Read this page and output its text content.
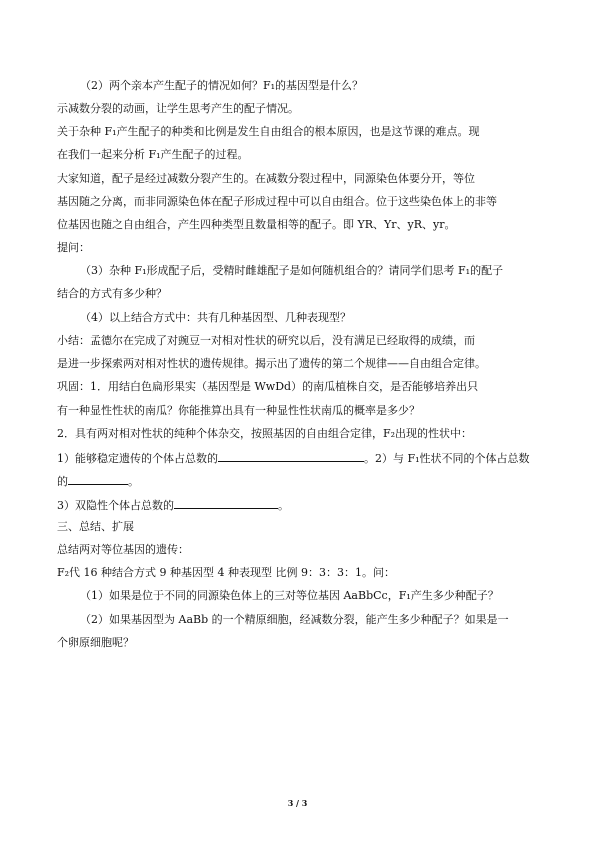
（2）两个亲本产生配子的情况如何？F₁的基因型是什么？
示减数分裂的动画，让学生思考产生的配子情况。
关于杂种 F₁产生配子的种类和比例是发生自由组合的根本原因，也是这节课的难点。现
在我们一起来分析 F₁产生配子的过程。
大家知道，配子是经过减数分裂产生的。在减数分裂过程中，同源染色体要分开，等位
基因随之分离，而非同源染色体在配子形成过程中可以自由组合。位于这些染色体上的非等
位基因也随之自由组合，产生四种类型且数量相等的配子。即 YR、Yr、yR、yr。
提问：
（3）杂种 F₁形成配子后，受精时雌雄配子是如何随机组合的？请同学们思考 F₁的配子
结合的方式有多少种？
（4）以上结合方式中：共有几种基因型、几种表现型？
小结：孟德尔在完成了对豌豆一对相对性状的研究以后，没有满足已经取得的成绩，而
是进一步探索两对相对性状的遗传规律。揭示出了遗传的第二个规律——自由组合定律。
巩固：1．用结白色扁形果实（基因型是 WwDd）的南瓜植株自交，是否能够培养出只
有一种显性性状的南瓜？你能推算出具有一种显性性状南瓜的概率是多少？
2．具有两对相对性状的纯种个体杂交，按照基因的自由组合定律，F₂出现的性状中：
1）能够稳定遗传的个体占总数的	。2）与 F₁性状不同的个体占总数
的	。
3）双隐性个体占总数的	。
三、总结、扩展
总结两对等位基因的遗传：
F₂代 16 种结合方式 9 种基因型 4 种表现型 比例 9：3：3：1。问：
（1）如果是位于不同的同源染色体上的三对等位基因 AaBbCc，F₁产生多少种配子？
（2）如果基因型为 AaBb 的一个精原细胞，经减数分裂，能产生多少种配子？如果是一
个卵原细胞呢？
3 / 3
